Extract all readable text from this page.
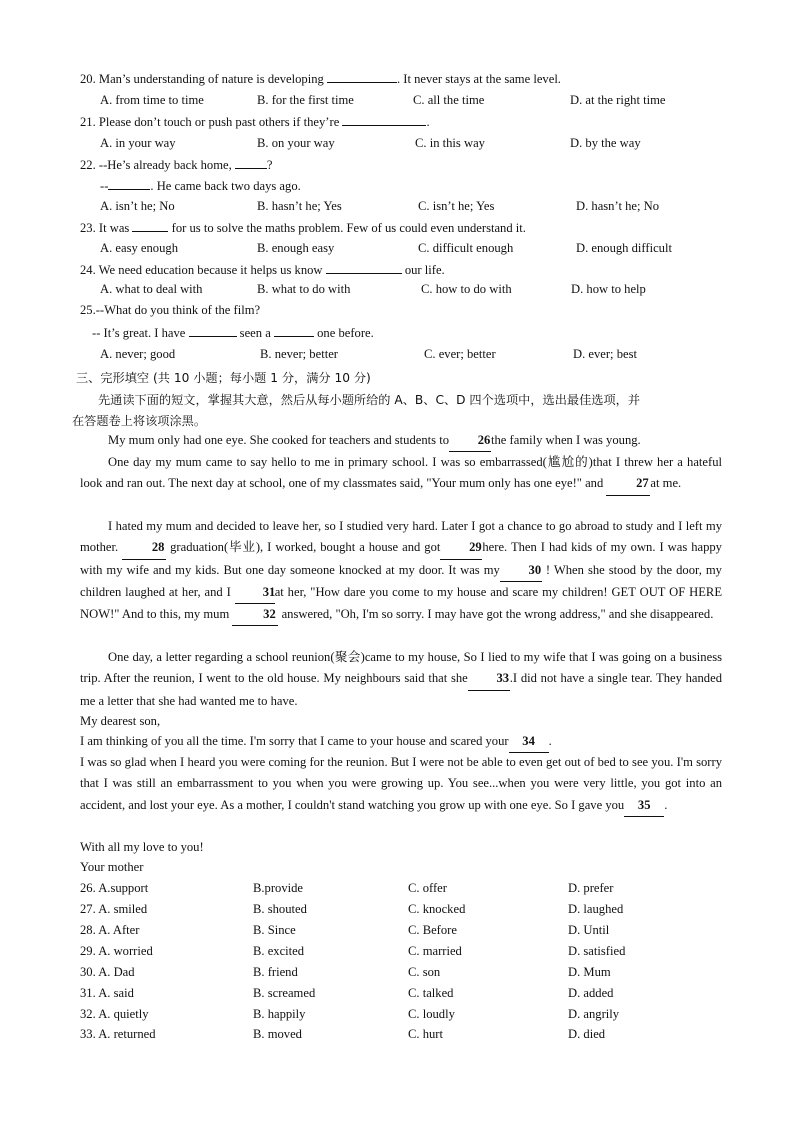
20. Man’s understanding of nature is developing	. It never stays at the same level.
A. from time to time	B. for the first time	C. all the time	D. at the right time
21. Please don’t touch or push past others if they’re	.
A. in your way	B. on your way	C. in this way	D. by the way
22. --He’s already back home,	?
--	. He came back two days ago.
A. isn’t he; No	B. hasn’t he; Yes	C. isn’t he; Yes	D. hasn’t he; No
23. It was	for us to solve the maths problem. Few of us could even understand it.
A. easy enough	B. enough easy	C. difficult enough	D. enough difficult
24. We need education because it helps us know	our life.
A. what to deal with	B. what to do with	C. how to do with	D. how to help
25.--What do you think of the film?
-- It’s great. I have	seen a	one before.
A. never; good	B. never; better	C. ever; better	D. ever; best
三、完形填空 (共 10 小题；每小题 1 分，满分 10 分)
先通读下面的短文，掌握其大意，然后从每小题所给的 A、B、C、D 四个选项中，选出最佳选项，并
在答题卷上将该项涂黑。
My mum only had one eye. She cooked for teachers and students to 26the family when I was young.
One day my mum came to say hello to me in primary school. I was so embarrassed(尴尬的)that I threw her a hateful look and ran out. The next day at school, one of my classmates said, "Your mum only has one eye!" and	27 at me.
I hated my mum and decided to leave her, so I studied very hard. Later I got a chance to go abroad to study and I left my mother.	28 graduation(毕业), I worked, bought a house and got 29here. Then I had kids of my own. I was happy with my wife and my kids. But one day someone knocked at my door. It was my 30 ! When she stood by the door, my children laughed at her, and I	31at her, "How dare you come to my house and scare my children! GET OUT OF HERE NOW!" And to this, my mum	32 answered, "Oh, I'm so sorry. I may have got the wrong address," and she disappeared.
One day, a letter regarding a school reunion(聚会)came to my house, So I lied to my wife that I was going on a business trip. After the reunion, I went to the old house. My neighbours said that she 33.I did not have a single tear. They handed me a letter that she had wanted me to have.
My dearest son,
I am thinking of you all the time. I'm sorry that I came to your house and scared your 34 .
I was so glad when I heard you were coming for the reunion. But I were not be able to even get out of bed to see you. I'm sorry that I was still an embarrassment to you when you were growing up. You see...when you were very little, you got into an accident, and lost your eye. As a mother, I couldn't stand watching you grow up with one eye. So I gave you 35 .
With all my love to you!
Your mother
26. A.support	B.provide	C. offer	D. prefer
27. A. smiled	B. shouted	C. knocked	D. laughed
28. A. After	B. Since	C. Before	D. Until
29. A. worried	B. excited	C. married	D. satisfied
30. A. Dad	B. friend	C. son	D. Mum
31. A. said	B. screamed	C. talked	D. added
32. A. quietly	B. happily	C. loudly	D. angrily
33. A. returned	B. moved	C. hurt	D. died
